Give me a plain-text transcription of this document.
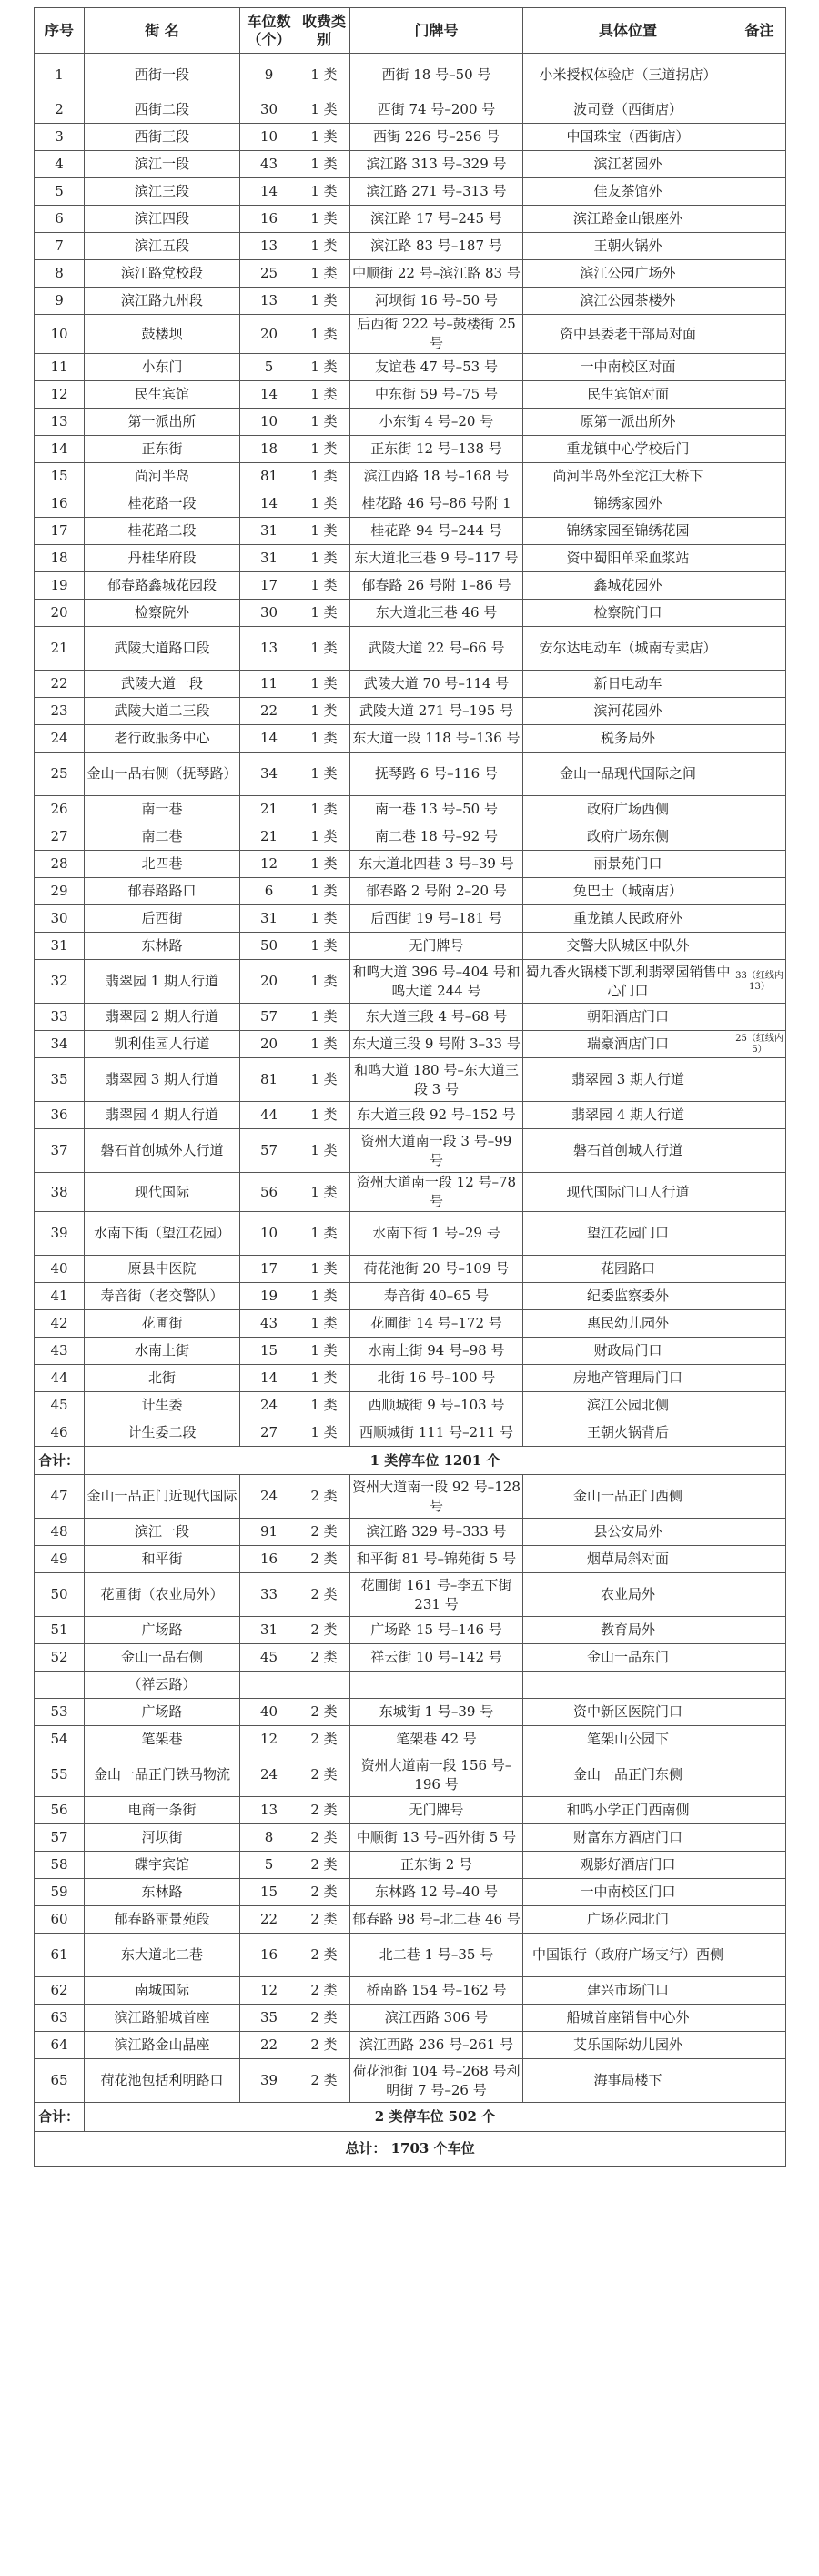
序号	街 名	车位数（个）	收费类别	门牌号	具体位置	备注
1	西街一段	9	1 类	西街 18 号–50 号	小米授权体验店（三道拐店）	
2	西街二段	30	1 类	西街 74 号–200 号	波司登（西街店）	
3	西街三段	10	1 类	西街 226 号–256 号	中国珠宝（西街店）	
4	滨江一段	43	1 类	滨江路 313 号–329 号	滨江茗园外	
5	滨江三段	14	1 类	滨江路 271 号–313 号	佳友茶馆外	
6	滨江四段	16	1 类	滨江路 17 号–245 号	滨江路金山银座外	
7	滨江五段	13	1 类	滨江路 83 号–187 号	王朝火锅外	
8	滨江路党校段	25	1 类	中顺街 22 号–滨江路 83 号	滨江公园广场外	
9	滨江路九州段	13	1 类	河坝街 16 号–50 号	滨江公园茶楼外	
10	鼓楼坝	20	1 类	后西街 222 号–鼓楼街 25 号	资中县委老干部局对面	
11	小东门	5	1 类	友谊巷 47 号–53 号	一中南校区对面	
12	民生宾馆	14	1 类	中东街 59 号–75 号	民生宾馆对面	
13	第一派出所	10	1 类	小东街 4 号–20 号	原第一派出所外	
14	正东街	18	1 类	正东街 12 号–138 号	重龙镇中心学校后门	
15	尚河半岛	81	1 类	滨江西路 18 号–168 号	尚河半岛外至沱江大桥下	
16	桂花路一段	14	1 类	桂花路 46 号–86 号附 1	锦绣家园外	
17	桂花路二段	31	1 类	桂花路 94 号–244 号	锦绣家园至锦绣花园	
18	丹桂华府段	31	1 类	东大道北三巷 9 号–117 号	资中蜀阳单采血浆站	
19	郁春路鑫城花园段	17	1 类	郁春路 26 号附 1–86 号	鑫城花园外	
20	检察院外	30	1 类	东大道北三巷 46 号	检察院门口	
21	武陵大道路口段	13	1 类	武陵大道 22 号–66 号	安尔达电动车（城南专卖店）	
22	武陵大道一段	11	1 类	武陵大道 70 号–114 号	新日电动车	
23	武陵大道二三段	22	1 类	武陵大道 271 号–195 号	滨河花园外	
24	老行政服务中心	14	1 类	东大道一段 118 号–136 号	税务局外	
25	金山一品右侧（抚琴路）	34	1 类	抚琴路 6 号–116 号	金山一品现代国际之间	
26	南一巷	21	1 类	南一巷 13 号–50 号	政府广场西侧	
27	南二巷	21	1 类	南二巷 18 号–92 号	政府广场东侧	
28	北四巷	12	1 类	东大道北四巷 3 号–39 号	丽景苑门口	
29	郁春路路口	6	1 类	郁春路 2 号附 2–20 号	兔巴士（城南店）	
30	后西街	31	1 类	后西街 19 号–181 号	重龙镇人民政府外	
31	东林路	50	1 类	无门牌号	交警大队城区中队外	
32	翡翠园 1 期人行道	20	1 类	和鸣大道 396 号–404 号和鸣大道 244 号	蜀九香火锅楼下凯利翡翠园销售中心门口	33（红线内 13）
33	翡翠园 2 期人行道	57	1 类	东大道三段 4 号–68 号	朝阳酒店门口	
34	凯利佳园人行道	20	1 类	东大道三段 9 号附 3–33 号	瑞豪酒店门口	25（红线内 5）
35	翡翠园 3 期人行道	81	1 类	和鸣大道 180 号–东大道三段 3 号	翡翠园 3 期人行道	
36	翡翠园 4 期人行道	44	1 类	东大道三段 92 号–152 号	翡翠园 4 期人行道	
37	磐石首创城外人行道	57	1 类	资州大道南一段 3 号–99 号	磐石首创城人行道	
38	现代国际	56	1 类	资州大道南一段 12 号–78 号	现代国际门口人行道	
39	水南下街（望江花园）	10	1 类	水南下街 1 号–29 号	望江花园门口	
40	原县中医院	17	1 类	荷花池街 20 号–109 号	花园路口	
41	寿音街（老交警队）	19	1 类	寿音街 40–65 号	纪委监察委外	
42	花圃街	43	1 类	花圃街 14 号–172 号	惠民幼儿园外	
43	水南上街	15	1 类	水南上街 94 号–98 号	财政局门口	
44	北街	14	1 类	北街 16 号–100 号	房地产管理局门口	
45	计生委	24	1 类	西顺城街 9 号–103 号	滨江公园北侧	
46	计生委二段	27	1 类	西顺城街 111 号–211 号	王朝火锅背后	
合计：	1 类停车位 1201 个					
47	金山一品正门近现代国际	24	2 类	资州大道南一段 92 号–128 号	金山一品正门西侧	
48	滨江一段	91	2 类	滨江路 329 号–333 号	县公安局外	
49	和平街	16	2 类	和平街 81 号–锦苑街 5 号	烟草局斜对面	
50	花圃街（农业局外）	33	2 类	花圃街 161 号–李五下街 231 号	农业局外	
51	广场路	31	2 类	广场路 15 号–146 号	教育局外	
52	金山一品右侧	45	2 类	祥云街 10 号–142 号	金山一品东门	
	（祥云路）					
53	广场路	40	2 类	东城街 1 号–39 号	资中新区医院门口	
54	笔架巷	12	2 类	笔架巷 42 号	笔架山公园下	
55	金山一品正门铁马物流	24	2 类	资州大道南一段 156 号–196 号	金山一品正门东侧	
56	电商一条街	13	2 类	无门牌号	和鸣小学正门西南侧	
57	河坝街	8	2 类	中顺街 13 号–西外街 5 号	财富东方酒店门口	
58	碟宇宾馆	5	2 类	正东街 2 号	观影好酒店门口	
59	东林路	15	2 类	东林路 12 号–40 号	一中南校区门口	
60	郁春路丽景苑段	22	2 类	郁春路 98 号–北二巷 46 号	广场花园北门	
61	东大道北二巷	16	2 类	北二巷 1 号–35 号	中国银行（政府广场支行）西侧	
62	南城国际	12	2 类	桥南路 154 号–162 号	建兴市场门口	
63	滨江路船城首座	35	2 类	滨江西路 306 号	船城首座销售中心外	
64	滨江路金山晶座	22	2 类	滨江西路 236 号–261 号	艾乐国际幼儿园外	
65	荷花池包括利明路口	39	2 类	荷花池街 104 号–268 号利明街 7 号–26 号	海事局楼下	
合计：	2 类停车位 502 个					
总计： 1703 个车位						
